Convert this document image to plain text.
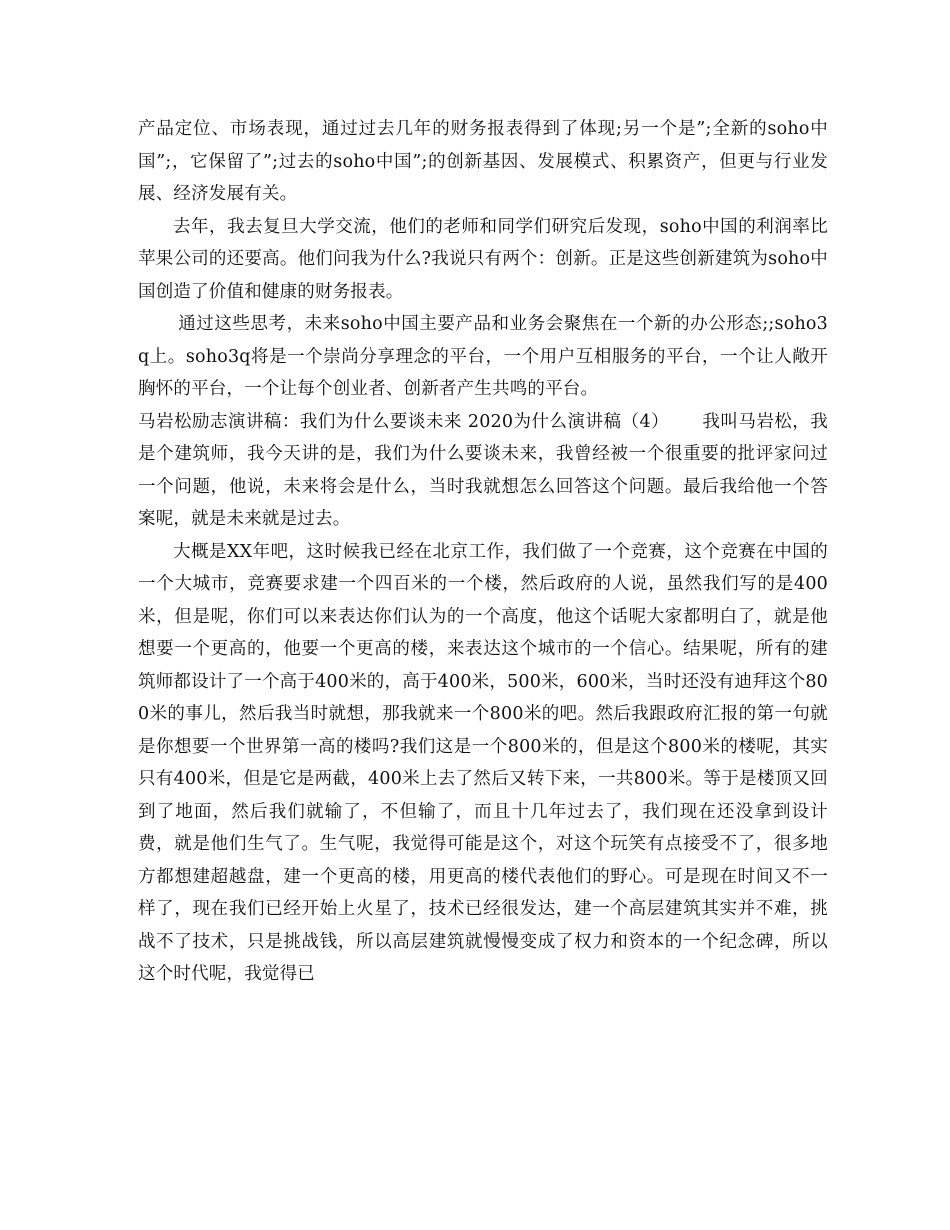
产品定位、市场表现，通过过去几年的财务报表得到了体现;另一个是”;全新的soho中国”;，它保留了”;过去的soho中国”;的创新基因、发展模式、积累资产，但更与行业发展、经济发展有关。

去年，我去复旦大学交流，他们的老师和同学们研究后发现，soho中国的利润率比苹果公司的还要高。他们问我为什么?我说只有两个：创新。正是这些创新建筑为soho中国创造了价值和健康的财务报表。

通过这些思考，未来soho中国主要产品和业务会聚焦在一个新的办公形态;;soho3q上。soho3q将是一个崇尚分享理念的平台，一个用户互相服务的平台，一个让人敞开胸怀的平台，一个让每个创业者、创新者产生共鸣的平台。

马岩松励志演讲稿：我们为什么要谈未来 2020为什么演讲稿（4）　　 我叫马岩松，我是个建筑师，我今天讲的是，我们为什么要谈未来，我曾经被一个很重要的批评家问过一个问题，他说，未来将会是什么，当时我就想怎么回答这个问题。最后我给他一个答案呢，就是未来就是过去。

大概是XX年吧，这时候我已经在北京工作，我们做了一个竞赛，这个竞赛在中国的一个大城市，竞赛要求建一个四百米的一个楼，然后政府的人说，虽然我们写的是400米，但是呢，你们可以来表达你们认为的一个高度，他这个话呢大家都明白了，就是他想要一个更高的，他要一个更高的楼，来表达这个城市的一个信心。结果呢，所有的建筑师都设计了一个高于400米的，高于400米，500米，600米，当时还没有迪拜这个800米的事儿，然后我当时就想，那我就来一个800米的吧。然后我跟政府汇报的第一句就是你想要一个世界第一高的楼吗?我们这是一个800米的，但是这个800米的楼呢，其实只有400米，但是它是两截，400米上去了然后又转下来，一共800米。等于是楼顶又回到了地面，然后我们就输了，不但输了，而且十几年过去了，我们现在还没拿到设计费，就是他们生气了。生气呢，我觉得可能是这个，对这个玩笑有点接受不了，很多地方都想建超越盘，建一个更高的楼，用更高的楼代表他们的野心。可是现在时间又不一样了，现在我们已经开始上火星了，技术已经很发达，建一个高层建筑其实并不难，挑战不了技术，只是挑战钱，所以高层建筑就慢慢变成了权力和资本的一个纪念碑，所以这个时代呢，我觉得已
